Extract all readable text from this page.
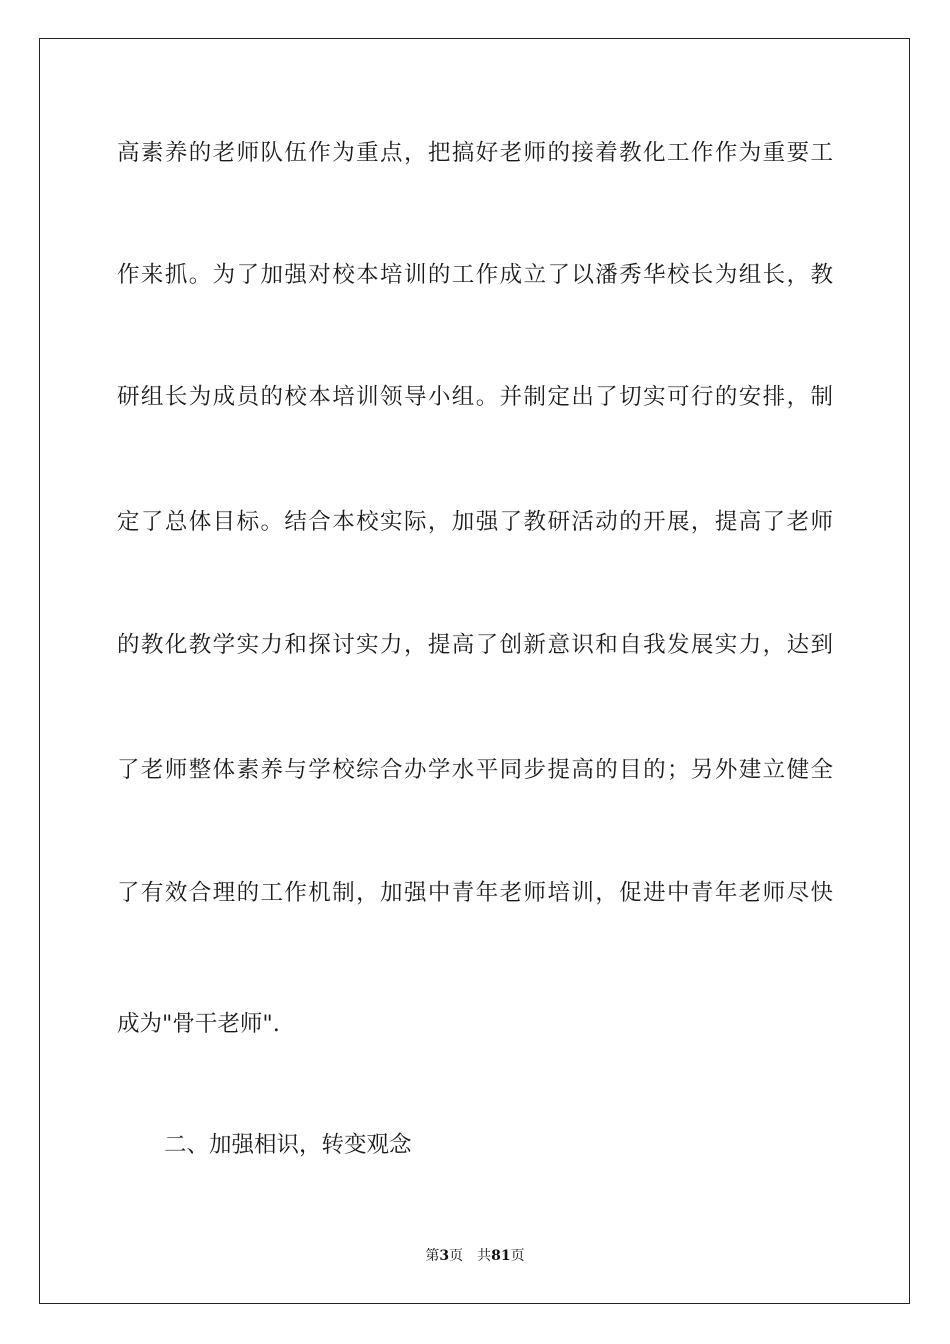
高素养的老师队伍作为重点，把搞好老师的接着教化工作作为重要工
作来抓。为了加强对校本培训的工作成立了以潘秀华校长为组长，教
研组长为成员的校本培训领导小组。并制定出了切实可行的安排，制
定了总体目标。结合本校实际，加强了教研活动的开展，提高了老师
的教化教学实力和探讨实力，提高了创新意识和自我发展实力，达到
了老师整体素养与学校综合办学水平同步提高的目的；另外建立健全
了有效合理的工作机制，加强中青年老师培训，促进中青年老师尽快
成为"骨干老师".
二、加强相识，转变观念
第3页 共81页
